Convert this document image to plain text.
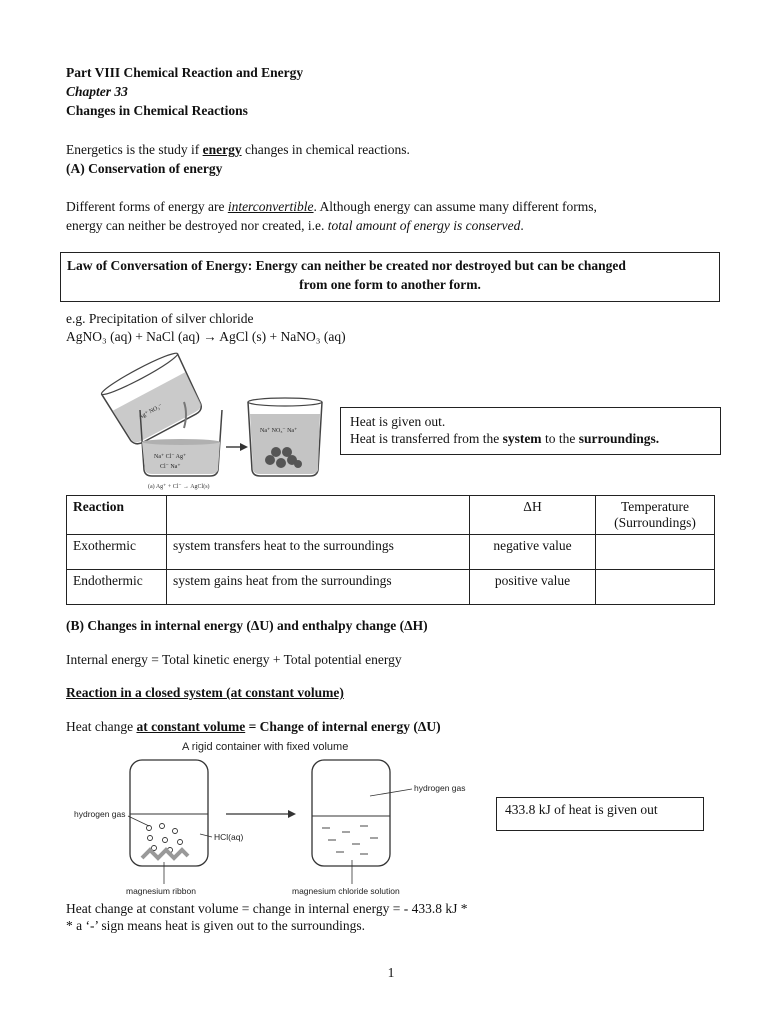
Part VIII Chemical Reaction and Energy
Chapter 33
Changes in Chemical Reactions
Energetics is the study if energy changes in chemical reactions.
(A) Conservation of energy
Different forms of energy are interconvertible. Although energy can assume many different forms,
energy can neither be destroyed nor created, i.e. total amount of energy is conserved.
Law of Conversation of Energy: Energy can neither be created nor destroyed but can be changed
from one form to another form.
e.g. Precipitation of silver chloride
AgNO₃ (aq) + NaCl (aq) → AgCl (s) + NaNO₃ (aq)
Ag⁺ NO₃⁻
Na⁺ Cl⁻ Ag⁺
Cl⁻ Na⁺
Na⁺ NO₃⁻ Na⁺
(a) Ag⁺ + Cl⁻ → AgCl(s)
Heat is given out.
Heat is transferred from the system to the surroundings.
Reaction		ΔH	Temperature
(Surroundings)
Exothermic	system transfers heat to the surroundings	negative value	
Endothermic	system gains heat from the surroundings	positive value	
(B) Changes in internal energy (ΔU) and enthalpy change (ΔH)
Internal energy = Total kinetic energy + Total potential energy
Reaction in a closed system (at constant volume)
Heat change at constant volume = Change of internal energy (ΔU)
A rigid container with fixed volume
hydrogen gas
HCl(aq)
magnesium ribbon
hydrogen gas
magnesium chloride solution
433.8 kJ of heat is given out
Heat change at constant volume = change in internal energy = - 433.8 kJ *
* a ‘-’ sign means heat is given out to the surroundings.
1
